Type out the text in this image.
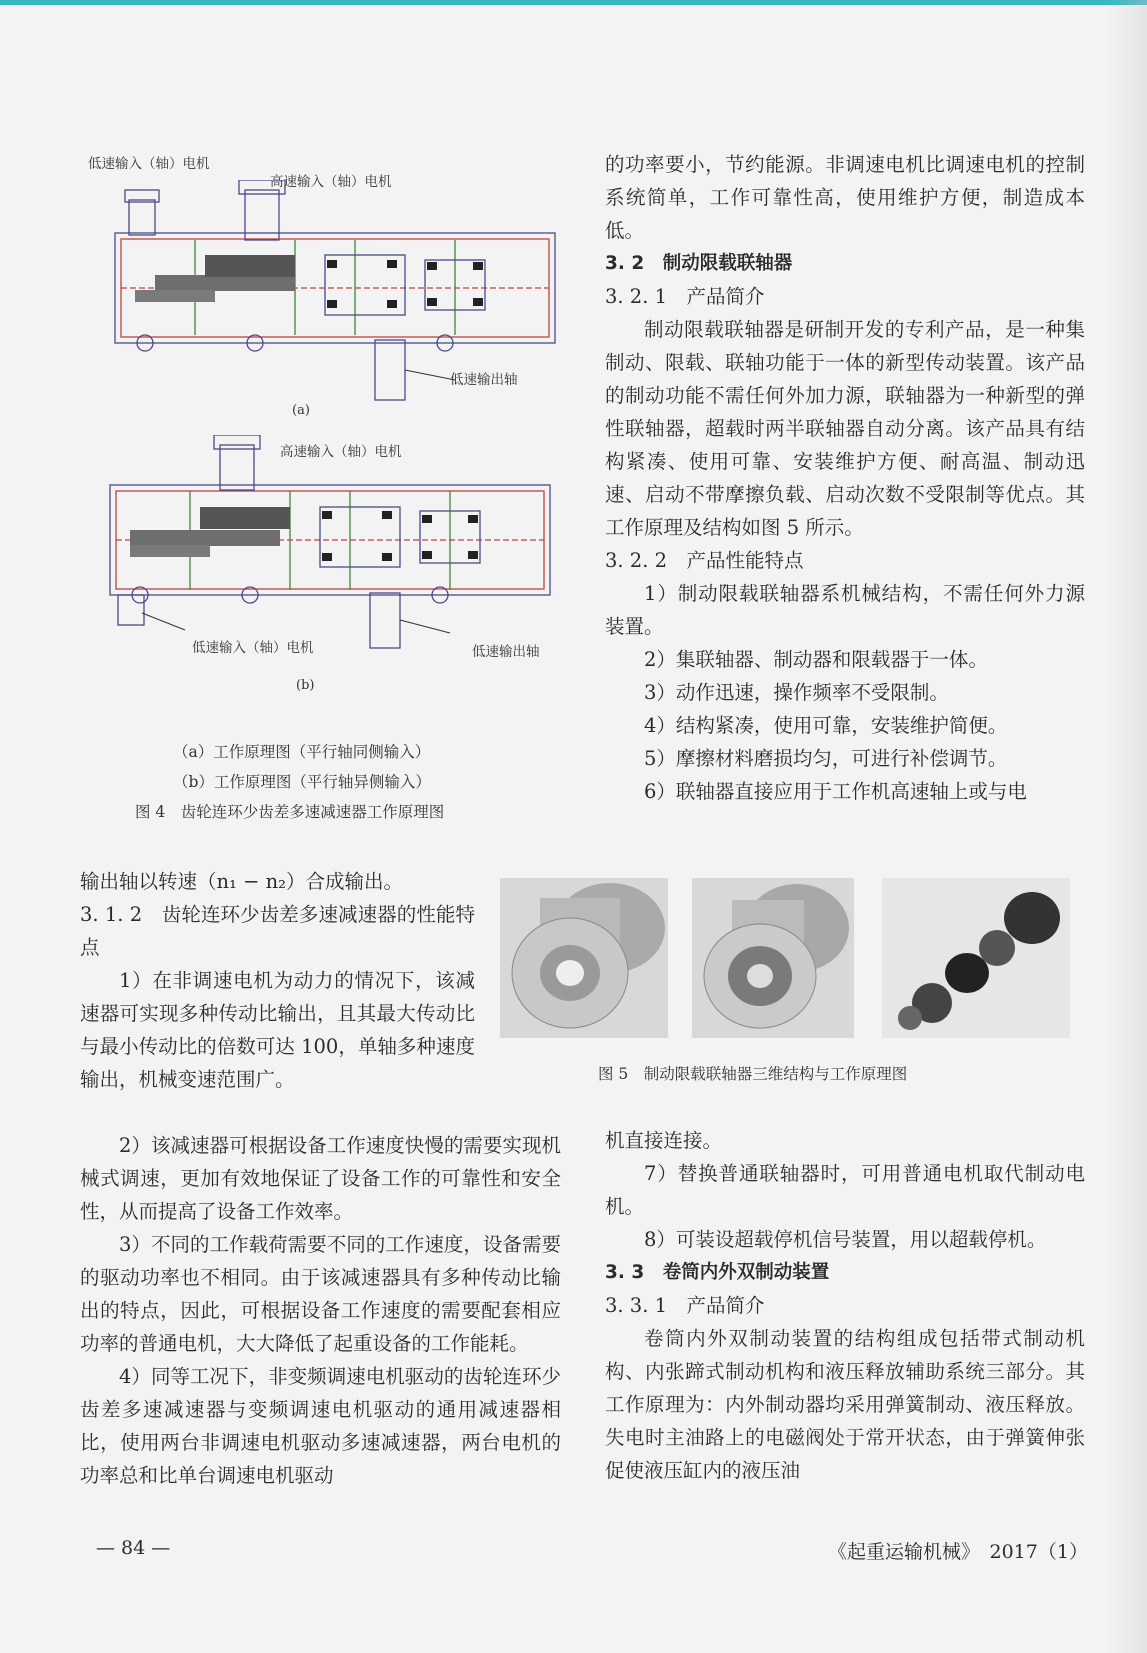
低速输入（轴）电机
高速输入（轴）电机
低速输出轴
(a)
高速输入（轴）电机
低速输入（轴）电机	低速输出轴
(b)
（a）工作原理图（平行轴同侧输入）
（b）工作原理图（平行轴异侧输入）
图 4　齿轮连环少齿差多速减速器工作原理图

的功率要小，节约能源。非调速电机比调速电机的控制系统简单，工作可靠性高，使用维护方便，制造成本低。

3. 2　制动限载联轴器

3. 2. 1　产品简介

制动限载联轴器是研制开发的专利产品，是一种集制动、限载、联轴功能于一体的新型传动装置。该产品的制动功能不需任何外加力源，联轴器为一种新型的弹性联轴器，超载时两半联轴器自动分离。该产品具有结构紧凑、使用可靠、安装维护方便、耐高温、制动迅速、启动不带摩擦负载、启动次数不受限制等优点。其工作原理及结构如图 5 所示。

3. 2. 2　产品性能特点

1）制动限载联轴器系机械结构，不需任何外力源装置。

2）集联轴器、制动器和限载器于一体。

3）动作迅速，操作频率不受限制。

4）结构紧凑，使用可靠，安装维护简便。

5）摩擦材料磨损均匀，可进行补偿调节。

6）联轴器直接应用于工作机高速轴上或与电

图 5　制动限载联轴器三维结构与工作原理图

输出轴以转速（n₁ − n₂）合成输出。

3. 1. 2　齿轮连环少齿差多速减速器的性能特点

1）在非调速电机为动力的情况下，该减速器可实现多种传动比输出，且其最大传动比与最小传动比的倍数可达 100，单轴多种速度输出，机械变速范围广。

2）该减速器可根据设备工作速度快慢的需要实现机械式调速，更加有效地保证了设备工作的可靠性和安全性，从而提高了设备工作效率。

3）不同的工作载荷需要不同的工作速度，设备需要的驱动功率也不相同。由于该减速器具有多种传动比输出的特点，因此，可根据设备工作速度的需要配套相应功率的普通电机，大大降低了起重设备的工作能耗。

4）同等工况下，非变频调速电机驱动的齿轮连环少齿差多速减速器与变频调速电机驱动的通用减速器相比，使用两台非调速电机驱动多速减速器，两台电机的功率总和比单台调速电机驱动

机直接连接。

7）替换普通联轴器时，可用普通电机取代制动电机。

8）可装设超载停机信号装置，用以超载停机。

3. 3　卷筒内外双制动装置

3. 3. 1　产品简介

卷筒内外双制动装置的结构组成包括带式制动机构、内张蹄式制动机构和液压释放辅助系统三部分。其工作原理为：内外制动器均采用弹簧制动、液压释放。失电时主油路上的电磁阀处于常开状态，由于弹簧伸张促使液压缸内的液压油

— 84 —	《起重运输机械》　2017（1）
